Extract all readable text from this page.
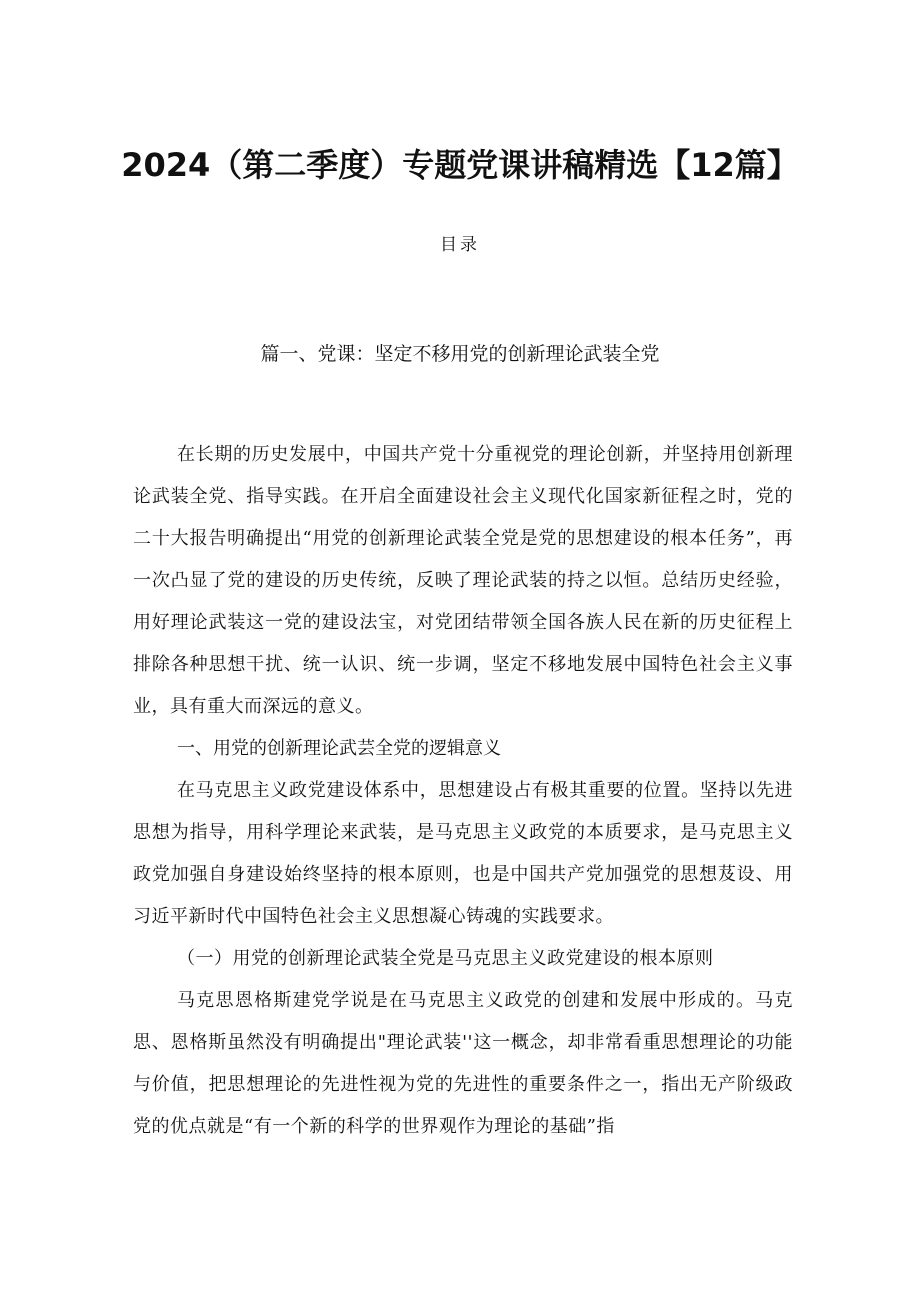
2024（第二季度）专题党课讲稿精选【12篇】
目录
篇一、党课：坚定不移用党的创新理论武装全党

在长期的历史发展中，中国共产党十分重视党的理论创新，并坚持用创新理论武装全党、指导实践。在开启全面建设社会主义现代化国家新征程之时，党的二十大报告明确提出“用党的创新理论武装全党是党的思想建设的根本任务”，再一次凸显了党的建设的历史传统，反映了理论武装的持之以恒。总结历史经验，用好理论武装这一党的建设法宝，对党团结带领全国各族人民在新的历史征程上排除各种思想干扰、统一认识、统一步调，坚定不移地发展中国特色社会主义事业，具有重大而深远的意义。

一、用党的创新理论武芸全党的逻辑意义

在马克思主义政党建设体系中，思想建设占有极其重要的位置。坚持以先进思想为指导，用科学理论来武装，是马克思主义政党的本质要求，是马克思主义政党加强自身建设始终坚持的根本原则，也是中国共产党加强党的思想芨设、用习近平新时代中国特色社会主义思想凝心铸魂的实践要求。

（一）用党的创新理论武装全党是马克思主义政党建设的根本原则

马克思恩格斯建党学说是在马克思主义政党的创建和发展中形成的。马克思、恩格斯虽然没有明确提出"理论武装''这一概念，却非常看重思想理论的功能与价值，把思想理论的先进性视为党的先进性的重要条件之一，指出无产阶级政党的优点就是“有一个新的科学的世界观作为理论的基础”指
